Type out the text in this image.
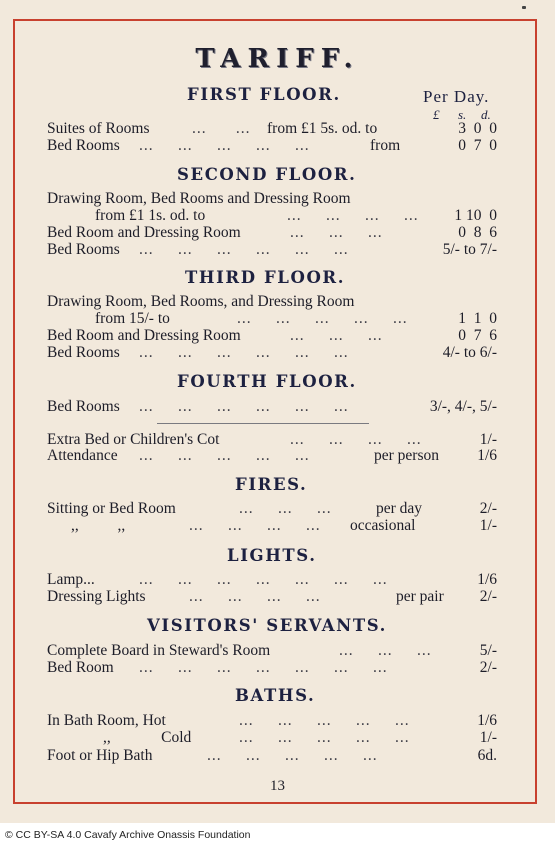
TARIFF.
Per Day.
£ s. d.
FIRST FLOOR.
Suites of Rooms	...      ... from £1 5s. od. to	3  0  0
Bed Rooms ...     ...     ...     ...     ...	from	0  7  0
SECOND FLOOR.
Drawing Room, Bed Rooms and Dressing Room
from £1 1s. od. to	...     ...     ...     ... 1 10  0
Bed Room and Dressing Room	...     ...     ...	0  8  6
Bed Rooms ...     ...     ...     ...     ...     ...	5/- to 7/-
THIRD FLOOR.
Drawing Room, Bed Rooms, and Dressing Room
from 15/- to	...     ...     ...     ...     ...	1  1  0
Bed Room and Dressing Room	...     ...     ...	0  7  6
Bed Rooms ...     ...     ...     ...     ...     ...	4/- to 6/-
FOURTH FLOOR.
Bed Rooms ...     ...     ...     ...     ...     ...	3/-, 4/-, 5/-
Extra Bed or Children's Cot	...     ...     ...     ...	1/-
Attendance ...     ...     ...     ...     ...	per person 1/6
FIRES.
Sitting or Bed Room	...     ...     ...	per day	2/-
,,          ,,	...     ...     ...     ... occasional	1/-
LIGHTS.
Lamp...	...     ...     ...     ...     ...     ...     ...	1/6
Dressing Lights	...     ...     ...     ...	per pair 2/-
VISITORS' SERVANTS.
Complete Board in Steward's Room	...     ...     ...	5/-
Bed Room ...     ...     ...     ...     ...     ...     ...	2/-
BATHS.
In Bath Room, Hot	...     ...     ...     ...     ...	1/6
,,             Cold	...     ...     ...     ...     ...	1/-
Foot or Hip Bath	...     ...     ...     ...     ...	6d.
13
© CC BY-SA 4.0 Cavafy Archive Onassis Foundation
